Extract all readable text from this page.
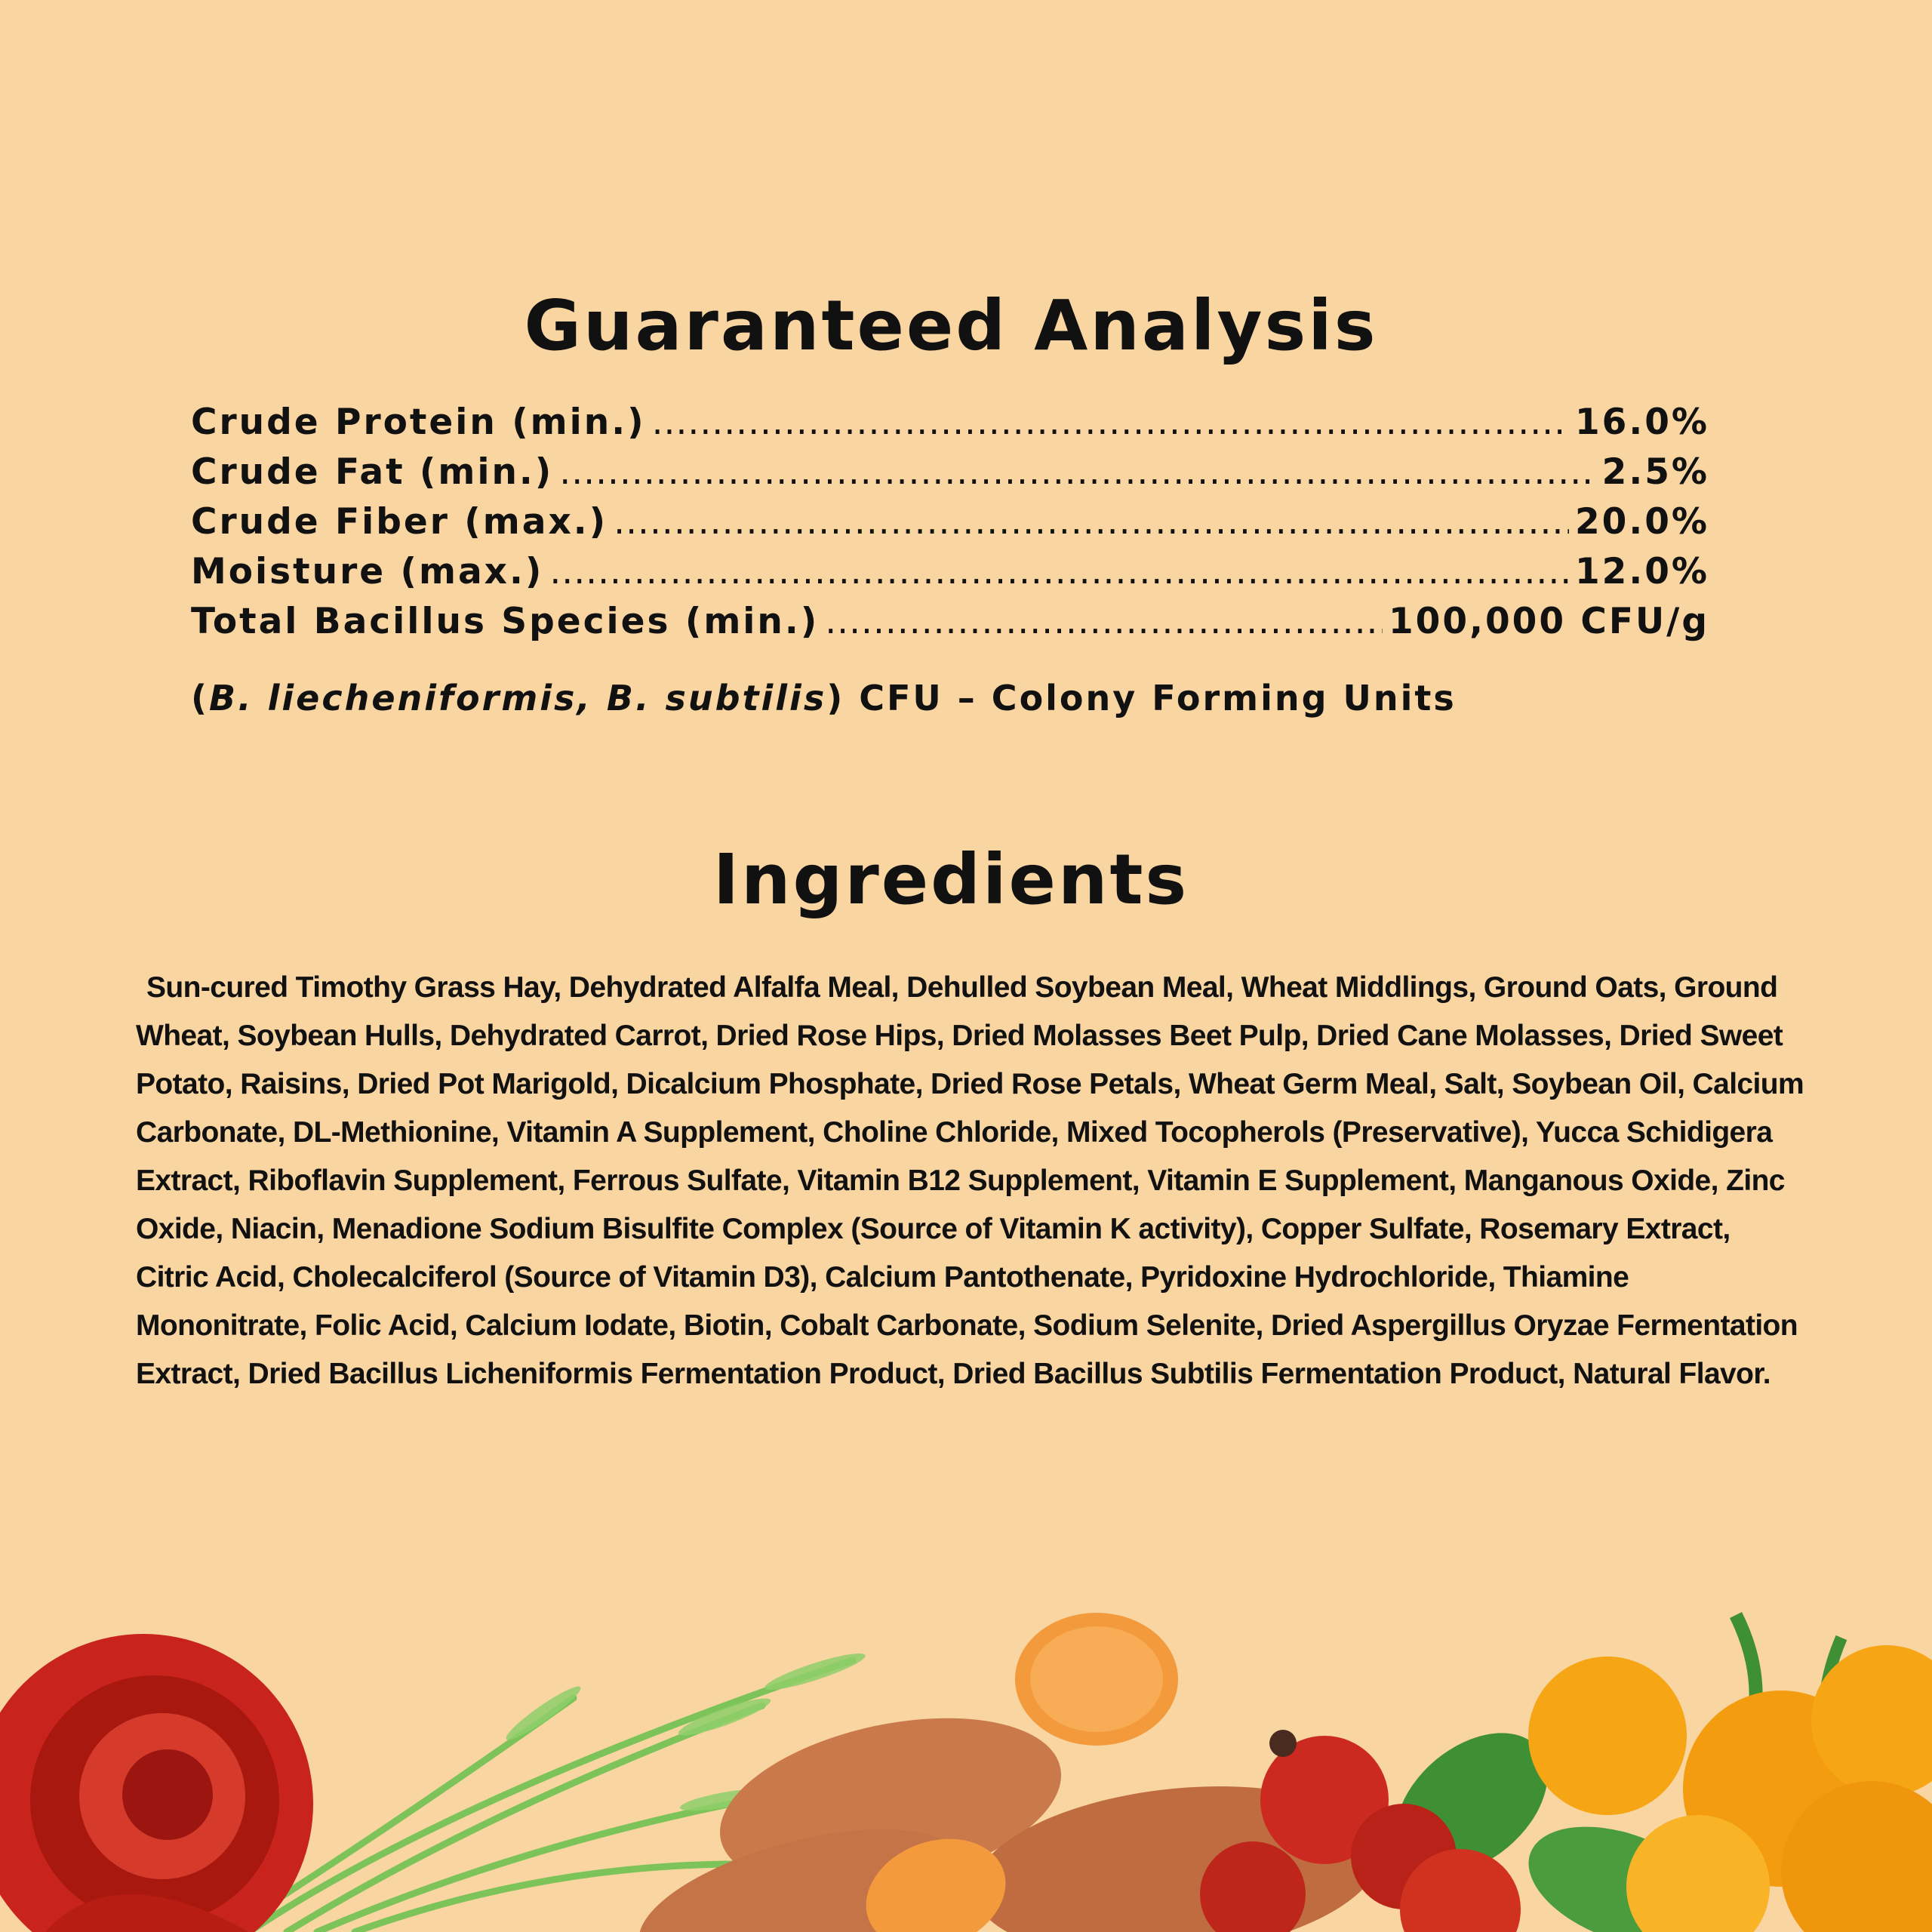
Guaranteed Analysis
Crude Protein (min.) .....	16.0%
Crude Fat (min.) .....	2.5%
Crude Fiber (max.) .....	20.0%
Moisture (max.) .....	12.0%
Total Bacillus Species (min.) .....	100,000 CFU/g

(B. liecheniformis, B. subtilis) CFU – Colony Forming Units

Ingredients

Sun-cured Timothy Grass Hay, Dehydrated Alfalfa Meal, Dehulled Soybean Meal, Wheat Middlings, Ground Oats, Ground Wheat, Soybean Hulls, Dehydrated Carrot, Dried Rose Hips, Dried Molasses Beet Pulp, Dried Cane Molasses, Dried Sweet Potato, Raisins, Dried Pot Marigold, Dicalcium Phosphate, Dried Rose Petals, Wheat Germ Meal, Salt, Soybean Oil, Calcium Carbonate, DL-Methionine, Vitamin A Supplement, Choline Chloride, Mixed Tocopherols (Preservative), Yucca Schidigera Extract, Riboflavin Supplement, Ferrous Sulfate, Vitamin B12 Supplement, Vitamin E Supplement, Manganous Oxide, Zinc Oxide, Niacin, Menadione Sodium Bisulfite Complex (Source of Vitamin K activity), Copper Sulfate, Rosemary Extract, Citric Acid, Cholecalciferol (Source of Vitamin D3), Calcium Pantothenate, Pyridoxine Hydrochloride, Thiamine Mononitrate, Folic Acid, Calcium Iodate, Biotin, Cobalt Carbonate, Sodium Selenite, Dried Aspergillus Oryzae Fermentation Extract, Dried Bacillus Licheniformis Fermentation Product, Dried Bacillus Subtilis Fermentation Product, Natural Flavor.
